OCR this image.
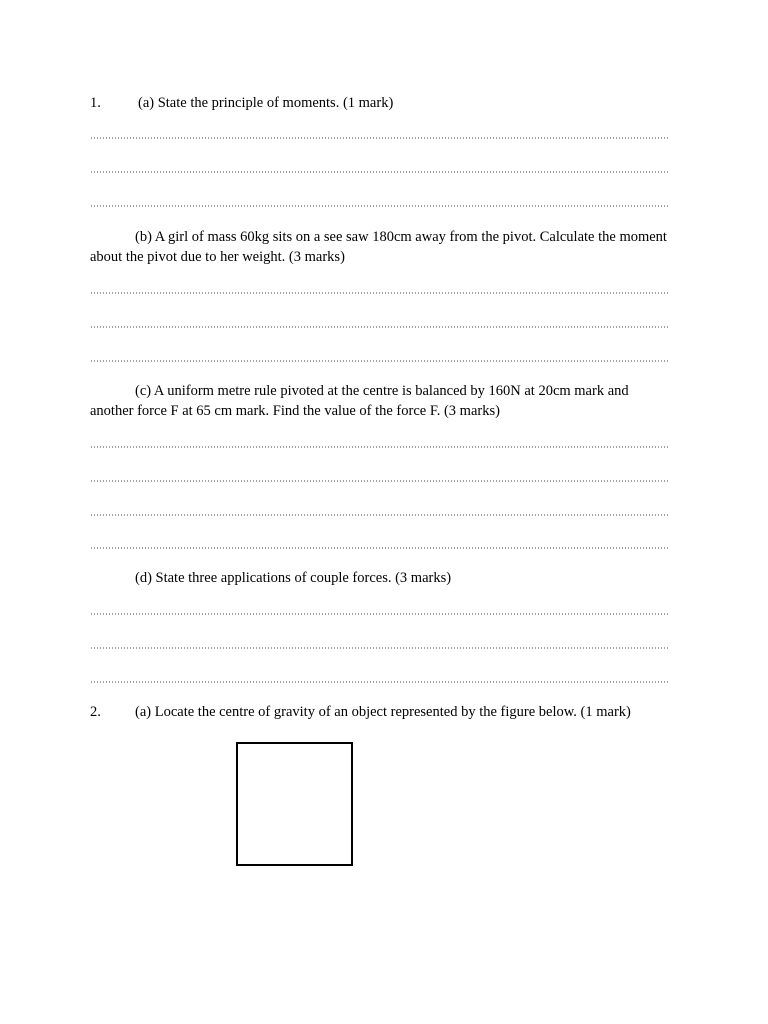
1.	(a) State the principle of moments. (1 mark)
(b) A girl of mass 60kg sits on a see saw 180cm away from the pivot. Calculate the moment about the pivot due to her weight. (3 marks)
(c) A uniform metre rule pivoted at the centre is balanced by 160N at 20cm mark and another force F at 65 cm mark. Find the value of the force F. (3 marks)
(d) State three applications of couple forces. (3 marks)
2. (a) Locate the centre of gravity of an object represented by the figure below. (1 mark)
